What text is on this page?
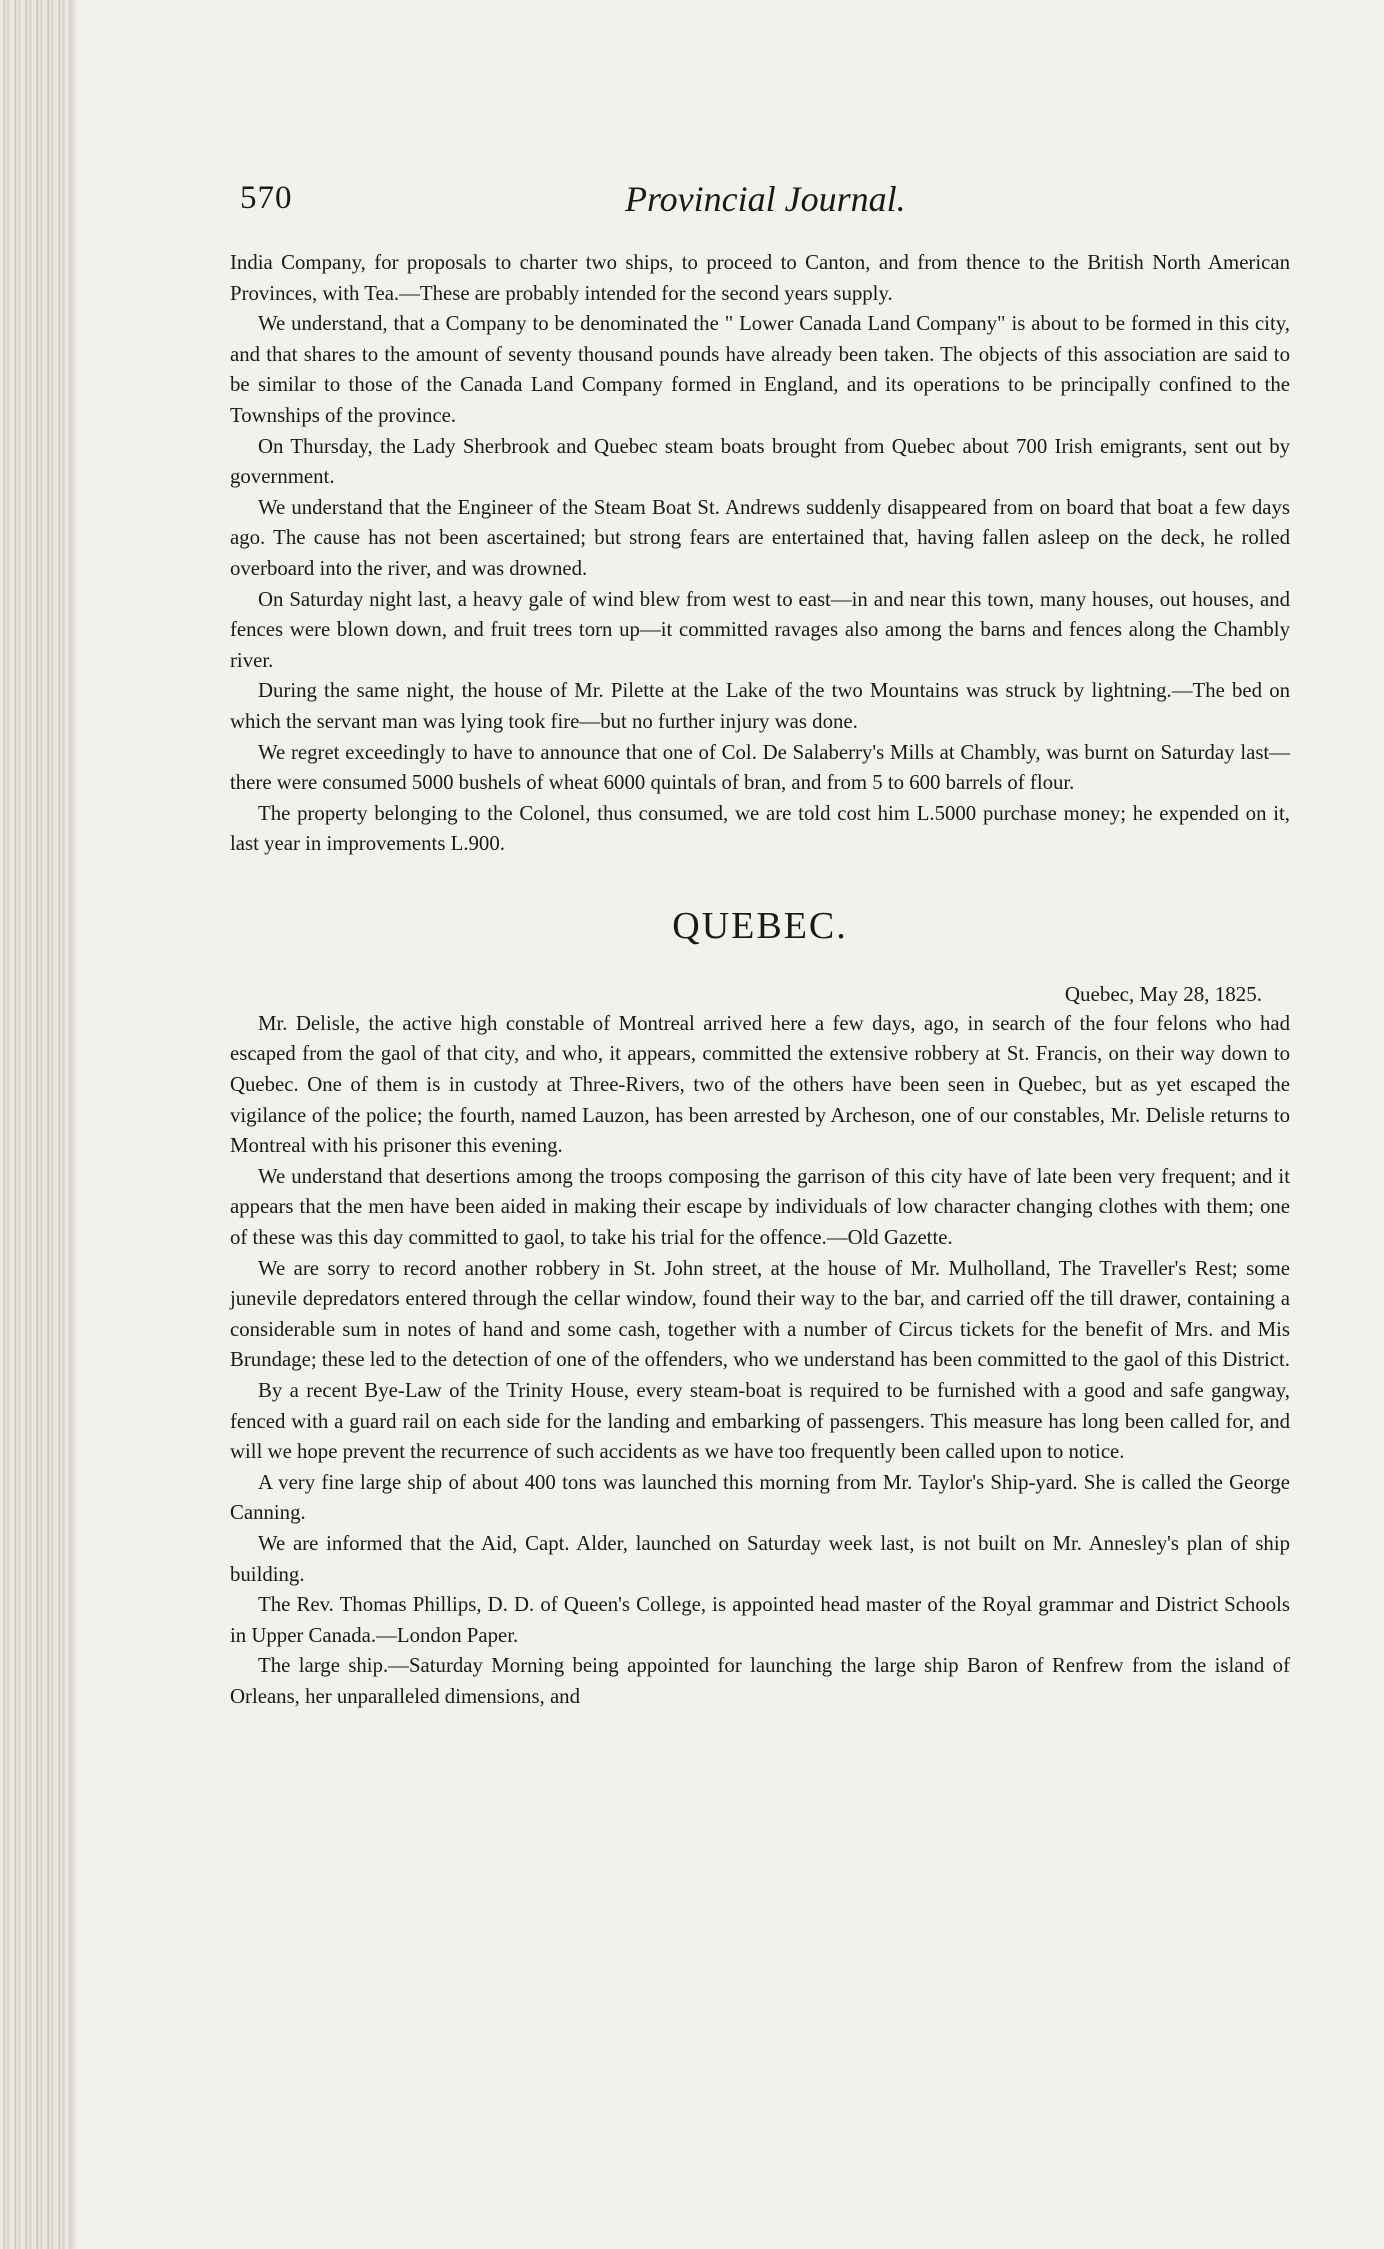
570	Provincial Journal.

India Company, for proposals to charter two ships, to proceed to Canton, and from thence to the British North American Provinces, with Tea.—These are probably intended for the second years supply.

We understand, that a Company to be denominated the " Lower Canada Land Company" is about to be formed in this city, and that shares to the amount of seventy thousand pounds have already been taken. The objects of this association are said to be similar to those of the Canada Land Company formed in England, and its operations to be principally confined to the Townships of the province.

On Thursday, the Lady Sherbrook and Quebec steam boats brought from Quebec about 700 Irish emigrants, sent out by government.

We understand that the Engineer of the Steam Boat St. Andrews suddenly disappeared from on board that boat a few days ago. The cause has not been ascertained; but strong fears are entertained that, having fallen asleep on the deck, he rolled overboard into the river, and was drowned.

On Saturday night last, a heavy gale of wind blew from west to east—in and near this town, many houses, out houses, and fences were blown down, and fruit trees torn up—it committed ravages also among the barns and fences along the Chambly river.

During the same night, the house of Mr. Pilette at the Lake of the two Mountains was struck by lightning.—The bed on which the servant man was lying took fire—but no further injury was done.

We regret exceedingly to have to announce that one of Col. De Salaberry's Mills at Chambly, was burnt on Saturday last—there were consumed 5000 bushels of wheat 6000 quintals of bran, and from 5 to 600 barrels of flour.

The property belonging to the Colonel, thus consumed, we are told cost him L.5000 purchase money; he expended on it, last year in improvements L.900.

QUEBEC.
Quebec, May 28, 1825.

Mr. Delisle, the active high constable of Montreal arrived here a few days, ago, in search of the four felons who had escaped from the gaol of that city, and who, it appears, committed the extensive robbery at St. Francis, on their way down to Quebec. One of them is in custody at Three-Rivers, two of the others have been seen in Quebec, but as yet escaped the vigilance of the police; the fourth, named Lauzon, has been arrested by Archeson, one of our constables, Mr. Delisle returns to Montreal with his prisoner this evening.

We understand that desertions among the troops composing the garrison of this city have of late been very frequent; and it appears that the men have been aided in making their escape by individuals of low character changing clothes with them; one of these was this day committed to gaol, to take his trial for the offence.—Old Gazette.

We are sorry to record another robbery in St. John street, at the house of Mr. Mulholland, The Traveller's Rest; some junevile depredators entered through the cellar window, found their way to the bar, and carried off the till drawer, containing a considerable sum in notes of hand and some cash, together with a number of Circus tickets for the benefit of Mrs. and Mis Brundage; these led to the detection of one of the offenders, who we understand has been committed to the gaol of this District.

By a recent Bye-Law of the Trinity House, every steam-boat is required to be furnished with a good and safe gangway, fenced with a guard rail on each side for the landing and embarking of passengers. This measure has long been called for, and will we hope prevent the recurrence of such accidents as we have too frequently been called upon to notice.

A very fine large ship of about 400 tons was launched this morning from Mr. Taylor's Ship-yard. She is called the George Canning.

We are informed that the Aid, Capt. Alder, launched on Saturday week last, is not built on Mr. Annesley's plan of ship building.

The Rev. Thomas Phillips, D. D. of Queen's College, is appointed head master of the Royal grammar and District Schools in Upper Canada.—London Paper.

The large ship.—Saturday Morning being appointed for launching the large ship Baron of Renfrew from the island of Orleans, her unparalleled dimensions, and
